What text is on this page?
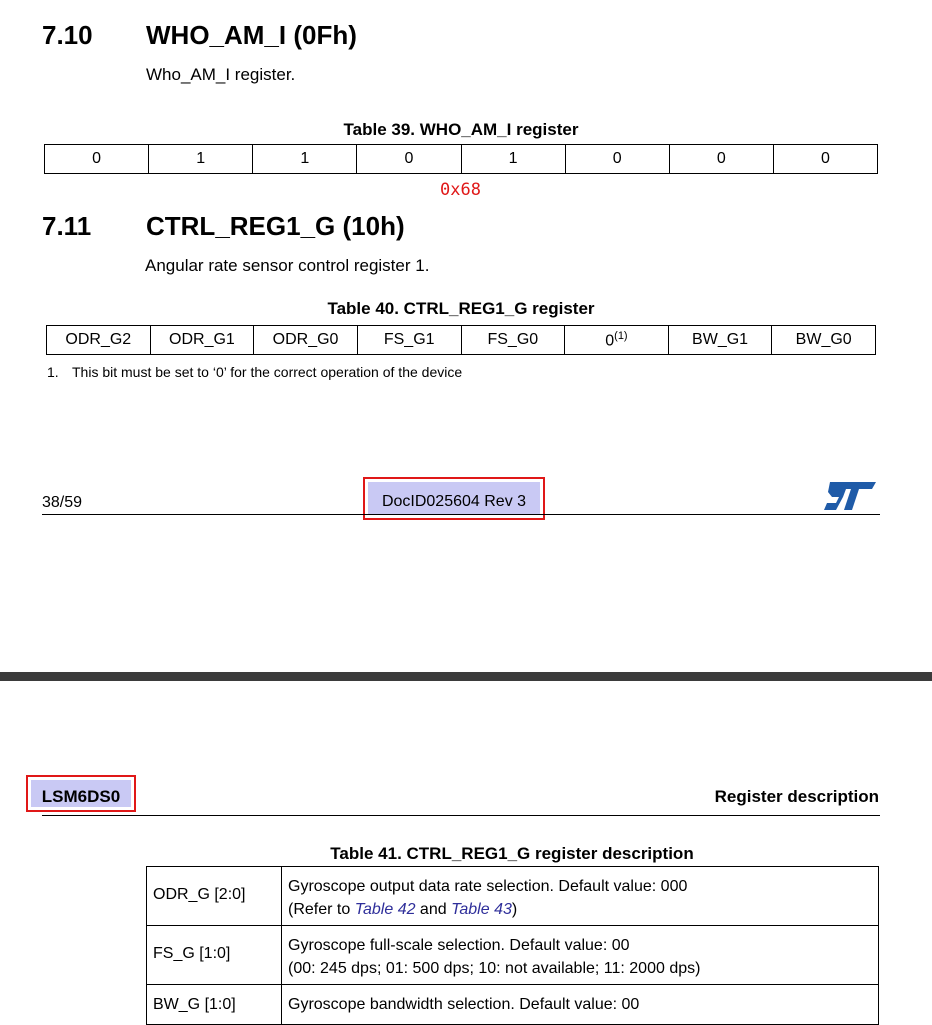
7.10 WHO_AM_I (0Fh)
Who_AM_I register.
Table 39. WHO_AM_I register
0	1	1	0	1	0	0	0
0x68
7.11 CTRL_REG1_G (10h)
Angular rate sensor control register 1.
Table 40. CTRL_REG1_G register
ODR_G2	ODR_G1	ODR_G0	FS_G1	FS_G0	0$^{(1)}$	BW_G1	BW_G0
1. This bit must be set to ‘0’ for the correct operation of the device
38/59	DocID025604 Rev 3
LSM6DS0	Register description
Table 41. CTRL_REG1_G register description
ODR_G [2:0]	Gyroscope output data rate selection. Default value: 000
(Refer to Table 42 and Table 43)

FS_G [1:0]	Gyroscope full-scale selection. Default value: 00
(00: 245 dps; 01: 500 dps; 10: not available; 11: 2000 dps)

BW_G [1:0]	Gyroscope bandwidth selection. Default value: 00
